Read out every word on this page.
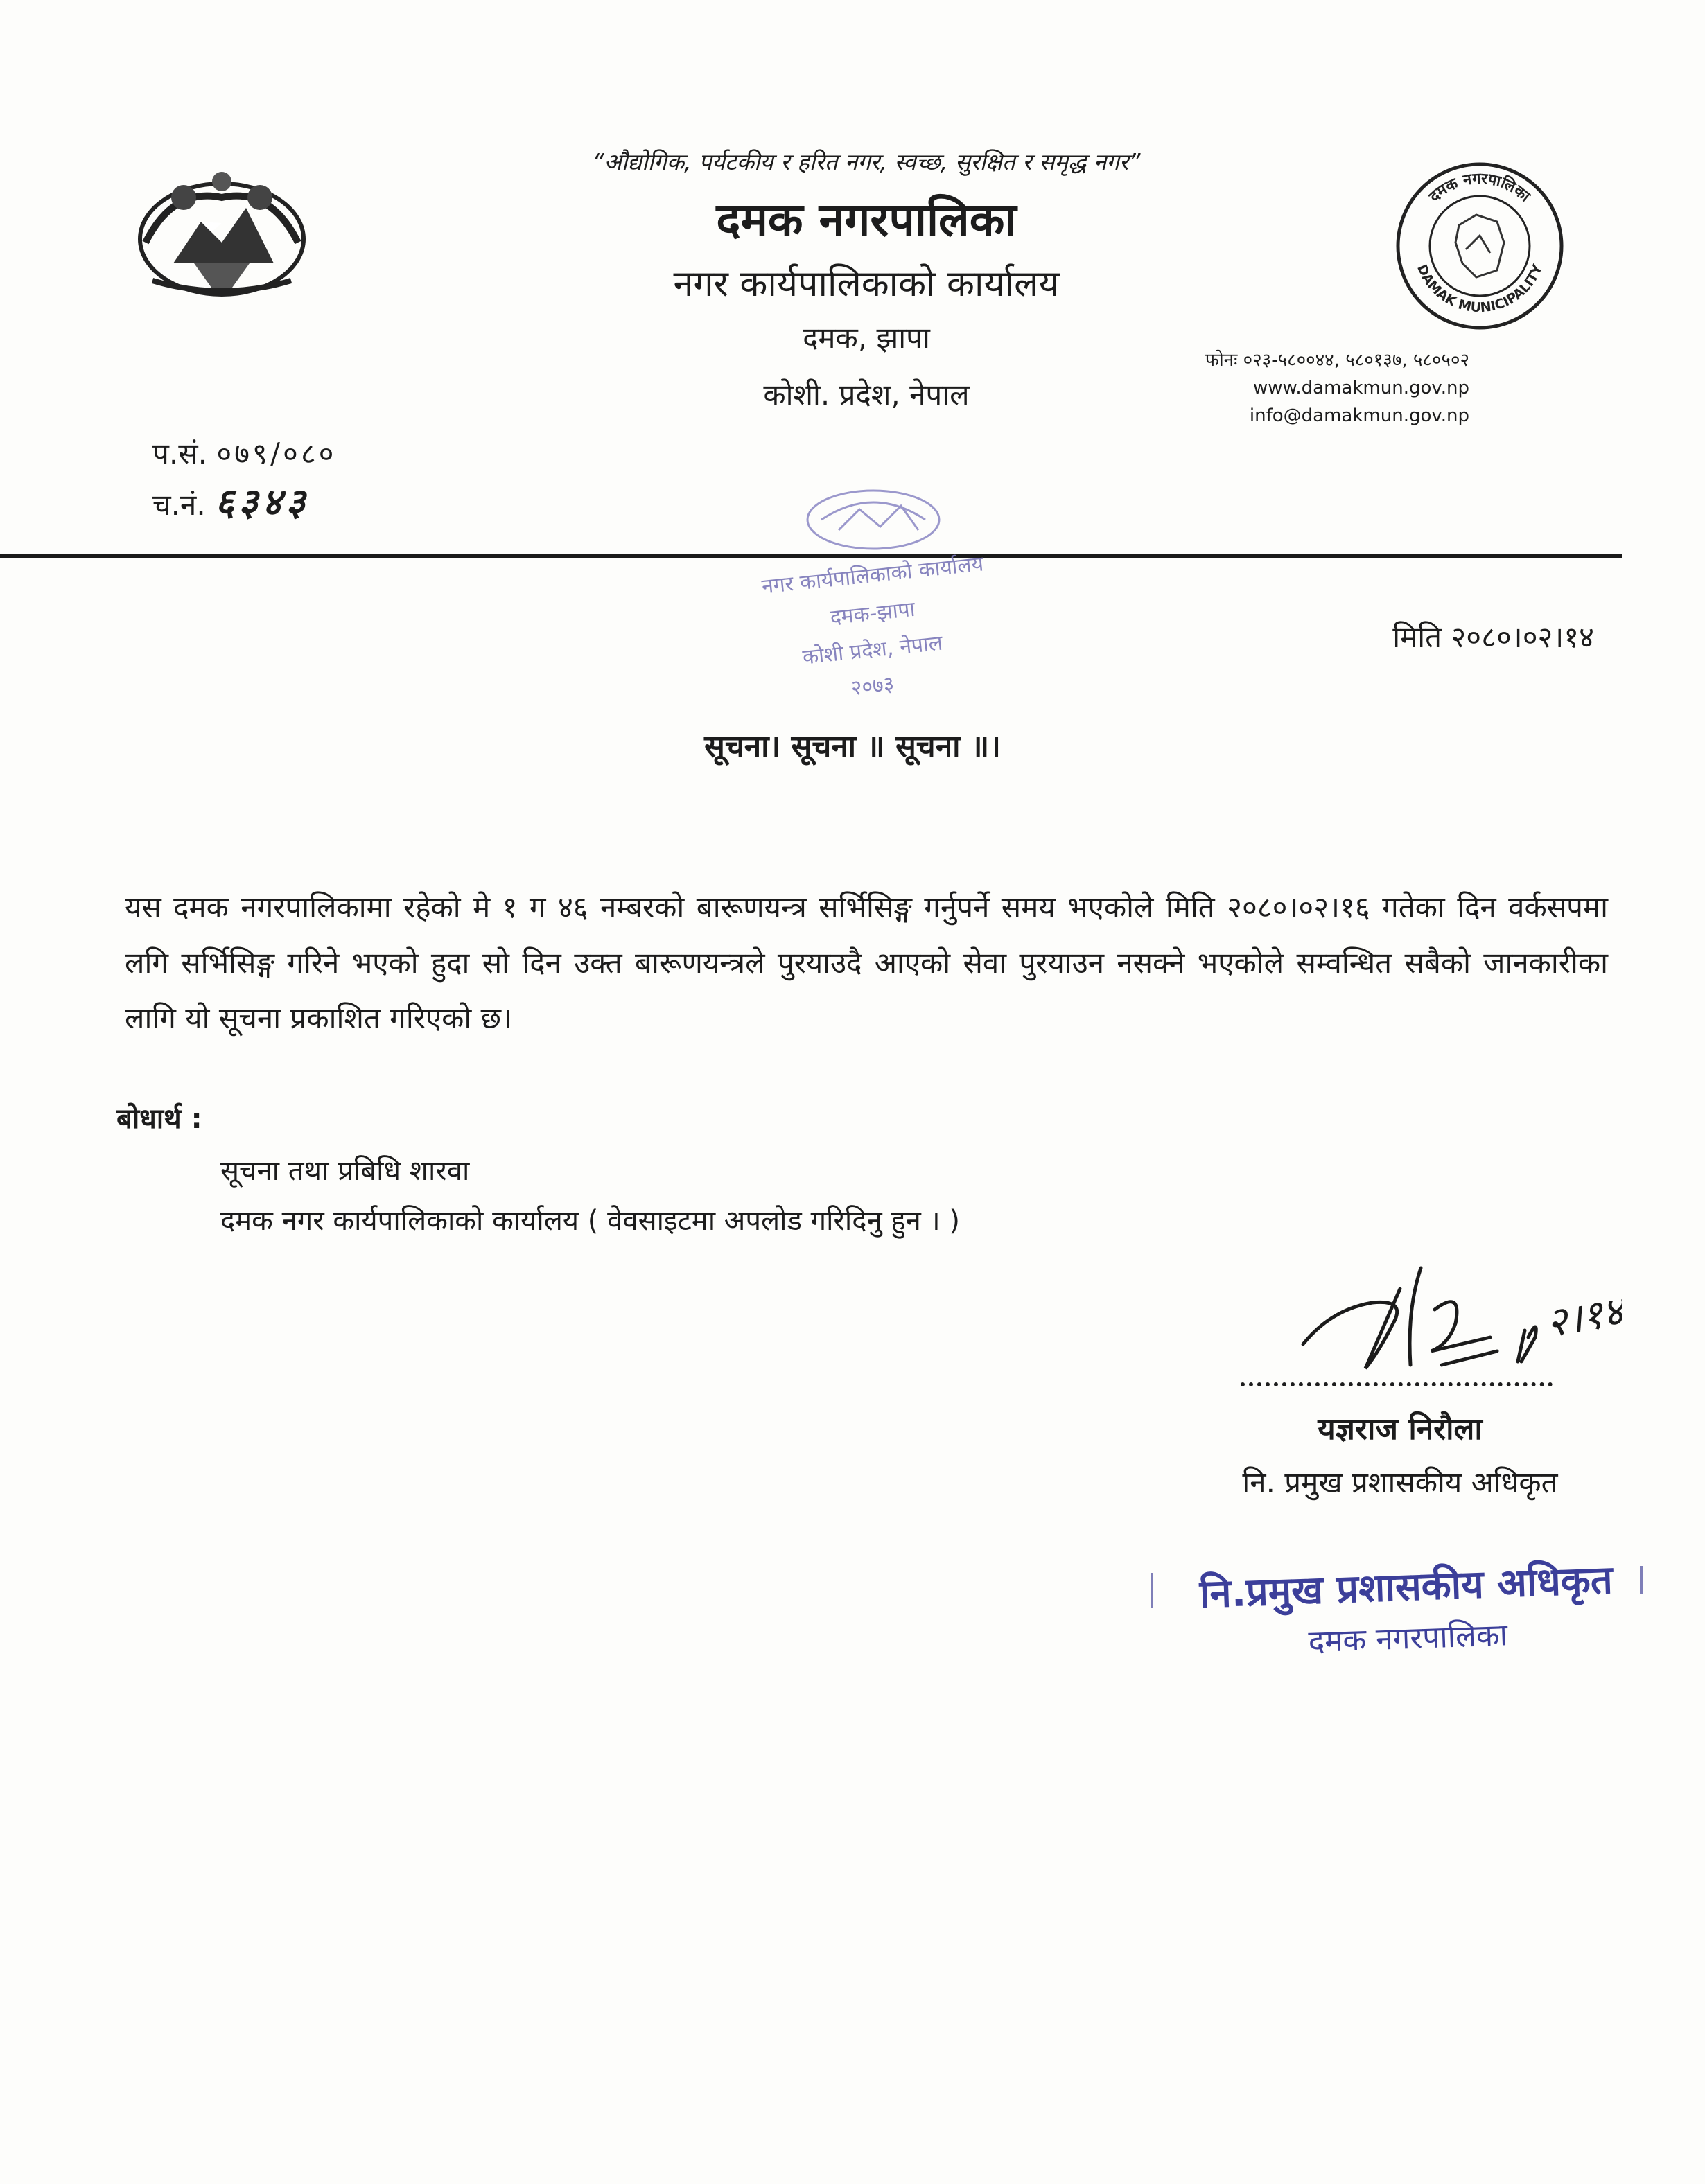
“औद्योगिक, पर्यटकीय र हरित नगर, स्वच्छ, सुरक्षित र समृद्ध नगर”
दमक नगरपालिका
नगर कार्यपालिकाको कार्यालय
दमक, झापा
कोशी. प्रदेश, नेपाल
दमक नगरपालिका
DAMAK MUNICIPALITY
फोनः ०२३-५८००४४, ५८०१३७, ५८०५०२
www.damakmun.gov.np
info@damakmun.gov.np
प.सं. ०७९/०८०
च.नं. ६३४३
नगर कार्यपालिकाको कार्यालय
दमक-झापा
कोशी प्रदेश, नेपाल
२०७३
मिति २०८०।०२।१४
सूचना। सूचना ॥ सूचना ॥।
यस दमक नगरपालिकामा रहेको मे १ ग ४६ नम्बरको बारूणयन्त्र सर्भिसिङ्ग गर्नुपर्ने समय भएकोले मिति २०८०।०२।१६ गतेका दिन वर्कसपमा लगि सर्भिसिङ्ग गरिने भएको हुदा सो दिन उक्त बारूणयन्त्रले पुरयाउदै आएको सेवा पुरयाउन नसक्ने भएकोले सम्वन्धित सबैको जानकारीका लागि यो सूचना प्रकाशित गरिएको छ।
बोधार्थ :
सूचना तथा प्रबिधि शारवा
दमक नगर कार्यपालिकाको कार्यालय ( वेवसाइटमा अपलोड गरिदिनु हुन । )
२।१४
यज्ञराज निरौला
नि. प्रमुख प्रशासकीय अधिकृत
नि.प्रमुख प्रशासकीय अधिकृत
दमक नगरपालिका
